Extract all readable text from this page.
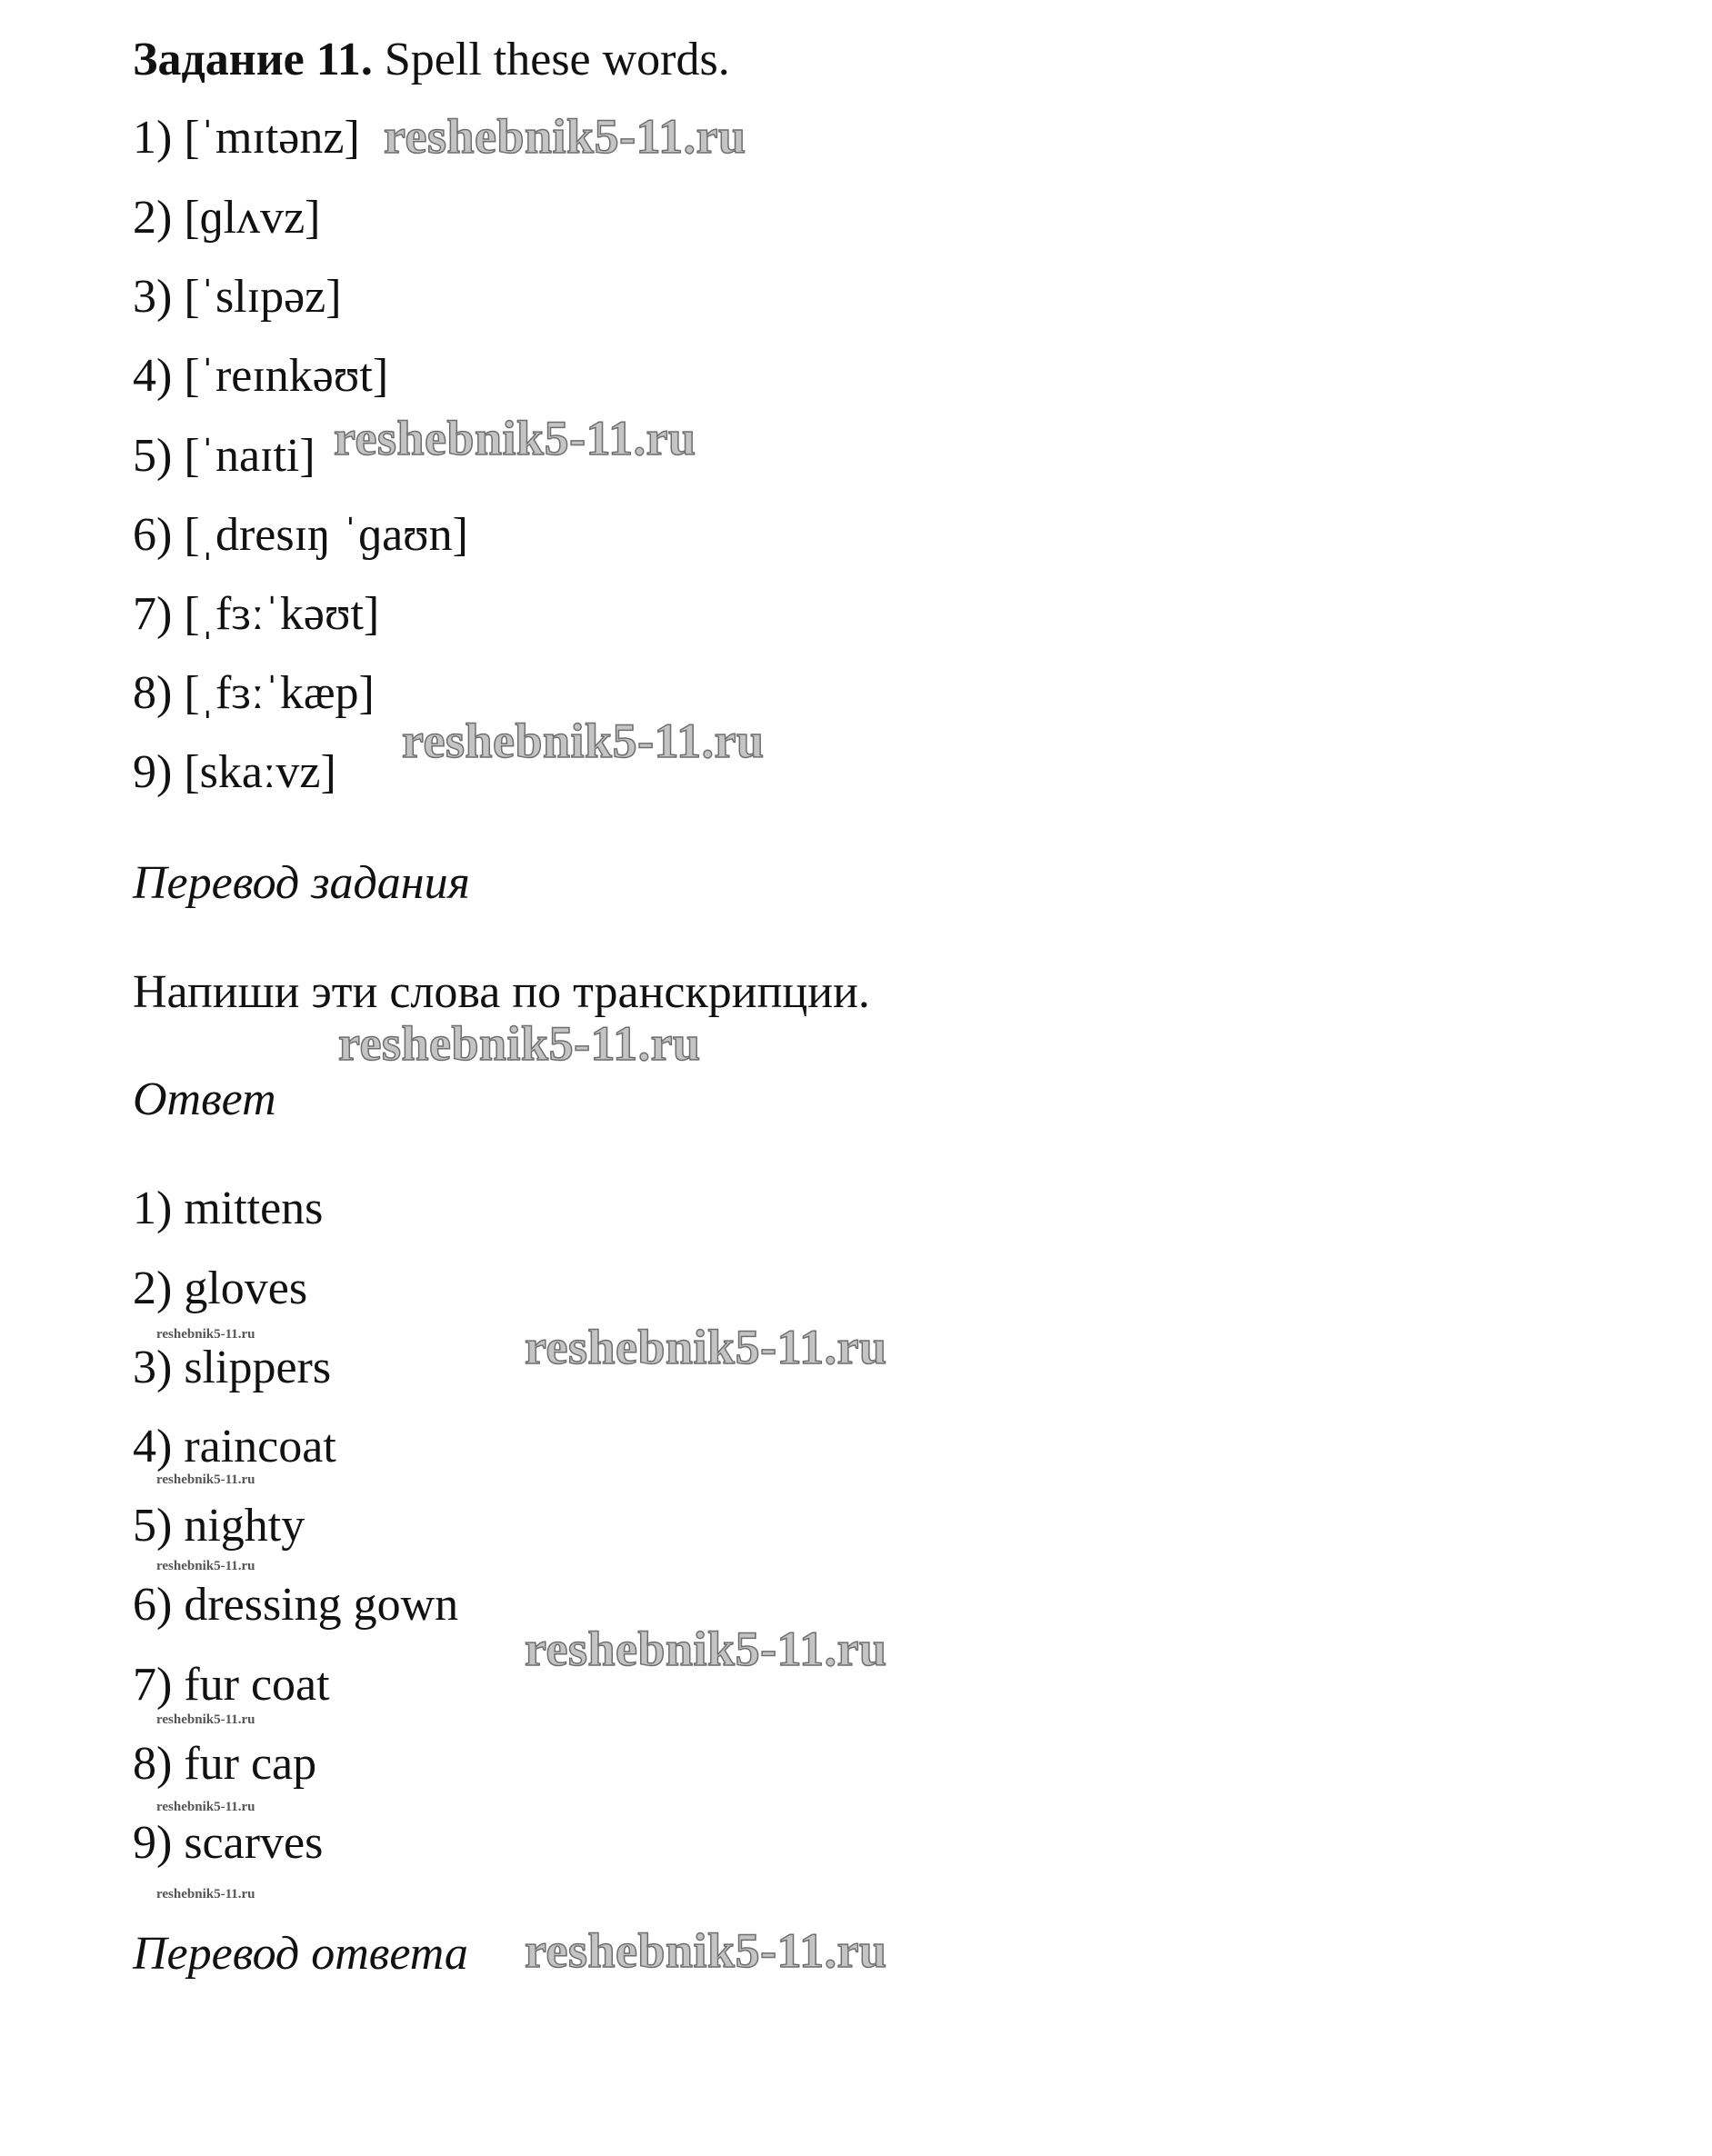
Задание 11. Spell these words.
1) [ˈmɪtənz]
2) [ɡlʌvz]
3) [ˈslɪpəz]
4) [ˈreɪnkəʊt]
5) [ˈnaɪti]
6) [ˌdresɪŋ ˈɡaʊn]
7) [ˌfɜːˈkəʊt]
8) [ˌfɜːˈkæp]
9) [skaːvz]
Перевод задания
Напиши эти слова по транскрипции.
Ответ
1) mittens
2) gloves
3) slippers
4) raincoat
5) nighty
6) dressing gown
7) fur coat
8) fur cap
9) scarves
Перевод ответа
reshebnik5-11.ru
reshebnik5-11.ru
reshebnik5-11.ru
reshebnik5-11.ru
reshebnik5-11.ru
reshebnik5-11.ru
reshebnik5-11.ru
reshebnik5-11.ru
reshebnik5-11.ru
reshebnik5-11.ru
reshebnik5-11.ru
reshebnik5-11.ru
reshebnik5-11.ru
